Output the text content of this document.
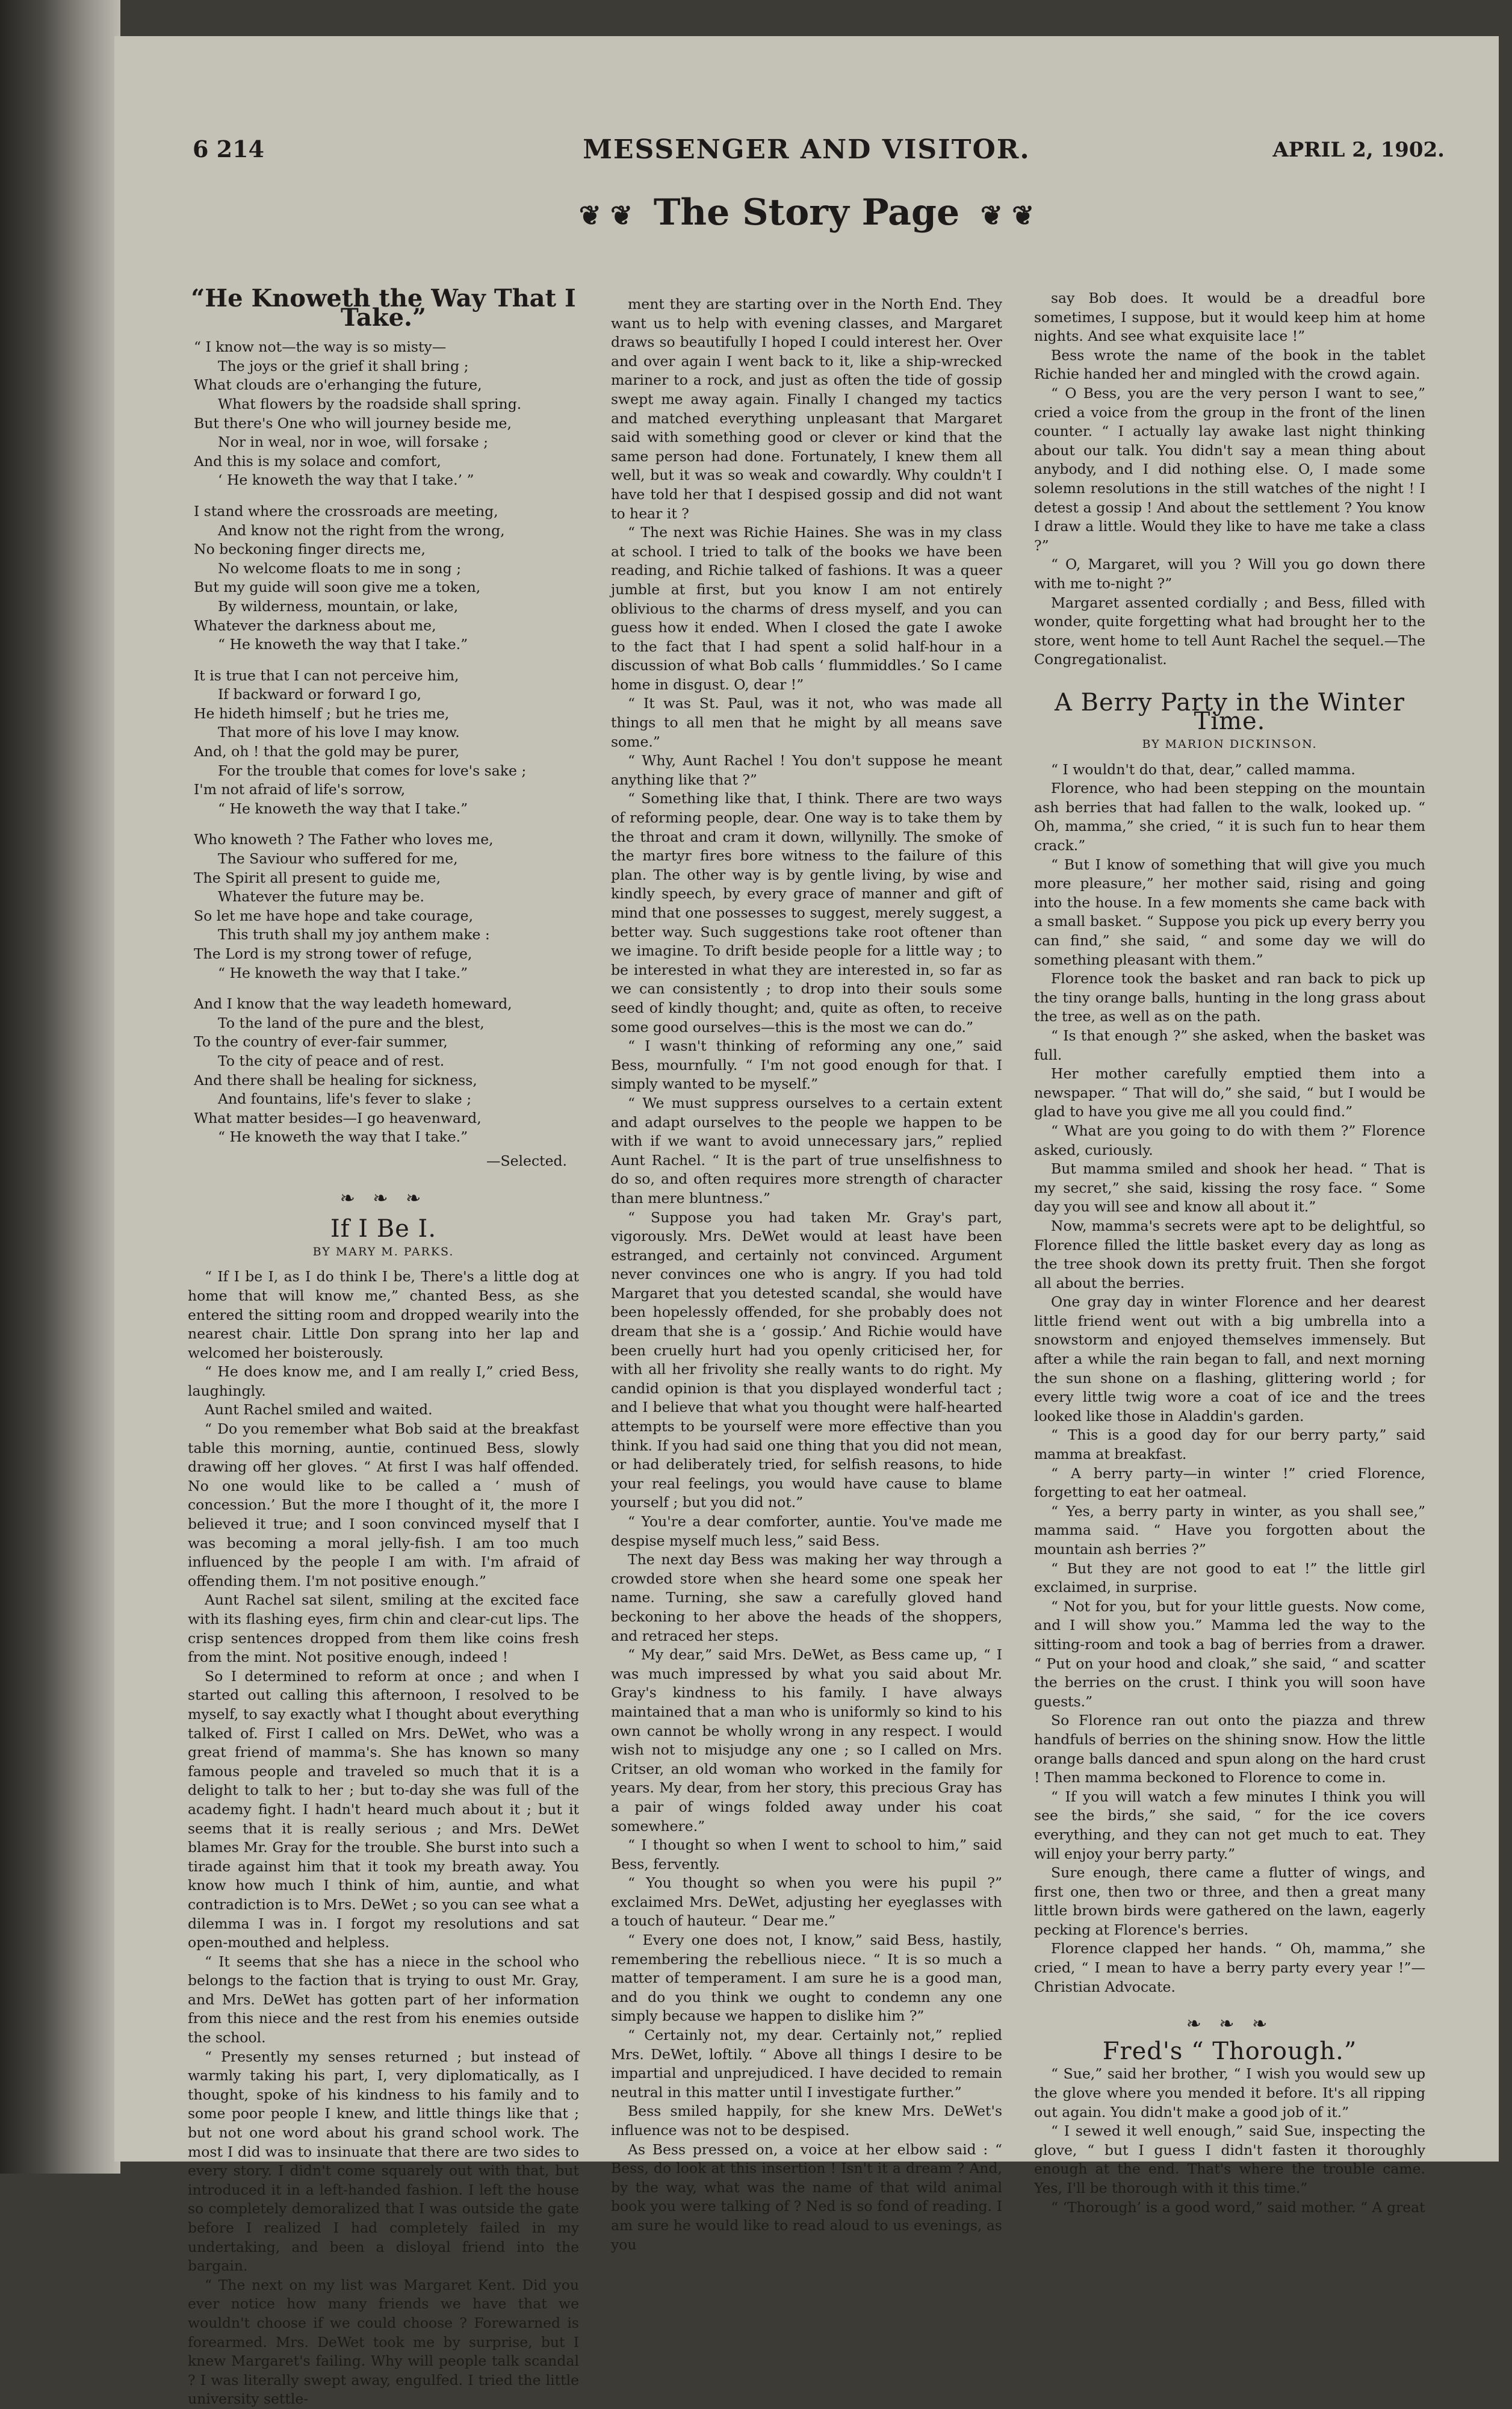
6 214	MESSENGER AND VISITOR.	APRIL 2, 1902.
❦ ❦ The Story Page ❦ ❦
“He Knoweth the Way That I Take.”
“ I know not—the way is so misty—
The joys or the grief it shall bring ;
What clouds are o'erhanging the future,
What flowers by the roadside shall spring.
But there's One who will journey beside me,
Nor in weal, nor in woe, will forsake ;
And this is my solace and comfort,
‘ He knoweth the way that I take.’ ”
I stand where the crossroads are meeting,
And know not the right from the wrong,
No beckoning finger directs me,
No welcome floats to me in song ;
But my guide will soon give me a token,
By wilderness, mountain, or lake,
Whatever the darkness about me,
“ He knoweth the way that I take.”
It is true that I can not perceive him,
If backward or forward I go,
He hideth himself ; but he tries me,
That more of his love I may know.
And, oh ! that the gold may be purer,
For the trouble that comes for love's sake ;
I'm not afraid of life's sorrow,
“ He knoweth the way that I take.”
Who knoweth ? The Father who loves me,
The Saviour who suffered for me,
The Spirit all present to guide me,
Whatever the future may be.
So let me have hope and take courage,
This truth shall my joy anthem make :
The Lord is my strong tower of refuge,
“ He knoweth the way that I take.”
And I know that the way leadeth homeward,
To the land of the pure and the blest,
To the country of ever-fair summer,
To the city of peace and of rest.
And there shall be healing for sickness,
And fountains, life's fever to slake ;
What matter besides—I go heavenward,
“ He knoweth the way that I take.”
—Selected.
❧ ❧ ❧
If I Be I.
BY MARY M. PARKS.

“ If I be I, as I do think I be, There's a little dog at home that will know me,” chanted Bess, as she entered the sitting room and dropped wearily into the nearest chair. Little Don sprang into her lap and welcomed her boisterously.

“ He does know me, and I am really I,” cried Bess, laughingly.

Aunt Rachel smiled and waited.

“ Do you remember what Bob said at the breakfast table this morning, auntie, continued Bess, slowly drawing off her gloves. “ At first I was half offended. No one would like to be called a ‘ mush of concession.’ But the more I thought of it, the more I believed it true; and I soon convinced myself that I was becoming a moral jelly-fish. I am too much influenced by the people I am with. I'm afraid of offending them. I'm not positive enough.”

Aunt Rachel sat silent, smiling at the excited face with its flashing eyes, firm chin and clear-cut lips. The crisp sentences dropped from them like coins fresh from the mint. Not positive enough, indeed !

So I determined to reform at once ; and when I started out calling this afternoon, I resolved to be myself, to say exactly what I thought about everything talked of. First I called on Mrs. DeWet, who was a great friend of mamma's. She has known so many famous people and traveled so much that it is a delight to talk to her ; but to-day she was full of the academy fight. I hadn't heard much about it ; but it seems that it is really serious ; and Mrs. DeWet blames Mr. Gray for the trouble. She burst into such a tirade against him that it took my breath away. You know how much I think of him, auntie, and what contradiction is to Mrs. DeWet ; so you can see what a dilemma I was in. I forgot my resolutions and sat open-mouthed and helpless.

“ It seems that she has a niece in the school who belongs to the faction that is trying to oust Mr. Gray, and Mrs. DeWet has gotten part of her information from this niece and the rest from his enemies outside the school.

“ Presently my senses returned ; but instead of warmly taking his part, I, very diplomatically, as I thought, spoke of his kindness to his family and to some poor people I knew, and little things like that ; but not one word about his grand school work. The most I did was to insinuate that there are two sides to every story. I didn't come squarely out with that, but introduced it in a left-handed fashion. I left the house so completely demoralized that I was outside the gate before I realized I had completely failed in my undertaking, and been a disloyal friend into the bargain.

“ The next on my list was Margaret Kent. Did you ever notice how many friends we have that we wouldn't choose if we could choose ? Forewarned is forearmed. Mrs. DeWet took me by surprise, but I knew Margaret's failing. Why will people talk scandal ? I was literally swept away, engulfed. I tried the little university settle-

ment they are starting over in the North End. They want us to help with evening classes, and Margaret draws so beautifully I hoped I could interest her. Over and over again I went back to it, like a ship-wrecked mariner to a rock, and just as often the tide of gossip swept me away again. Finally I changed my tactics and matched everything unpleasant that Margaret said with something good or clever or kind that the same person had done. Fortunately, I knew them all well, but it was so weak and cowardly. Why couldn't I have told her that I despised gossip and did not want to hear it ?

“ The next was Richie Haines. She was in my class at school. I tried to talk of the books we have been reading, and Richie talked of fashions. It was a queer jumble at first, but you know I am not entirely oblivious to the charms of dress myself, and you can guess how it ended. When I closed the gate I awoke to the fact that I had spent a solid half-hour in a discussion of what Bob calls ‘ flummiddles.’ So I came home in disgust. O, dear !”

“ It was St. Paul, was it not, who was made all things to all men that he might by all means save some.”

“ Why, Aunt Rachel ! You don't suppose he meant anything like that ?”

“ Something like that, I think. There are two ways of reforming people, dear. One way is to take them by the throat and cram it down, willynilly. The smoke of the martyr fires bore witness to the failure of this plan. The other way is by gentle living, by wise and kindly speech, by every grace of manner and gift of mind that one possesses to suggest, merely suggest, a better way. Such suggestions take root oftener than we imagine. To drift beside people for a little way ; to be interested in what they are interested in, so far as we can consistently ; to drop into their souls some seed of kindly thought; and, quite as often, to receive some good ourselves—this is the most we can do.”

“ I wasn't thinking of reforming any one,” said Bess, mournfully. “ I'm not good enough for that. I simply wanted to be myself.”

“ We must suppress ourselves to a certain extent and adapt ourselves to the people we happen to be with if we want to avoid unnecessary jars,” replied Aunt Rachel. “ It is the part of true unselfishness to do so, and often requires more strength of character than mere bluntness.”

“ Suppose you had taken Mr. Gray's part, vigorously. Mrs. DeWet would at least have been estranged, and certainly not convinced. Argument never convinces one who is angry. If you had told Margaret that you detested scandal, she would have been hopelessly offended, for she probably does not dream that she is a ‘ gossip.’ And Richie would have been cruelly hurt had you openly criticised her, for with all her frivolity she really wants to do right. My candid opinion is that you displayed wonderful tact ; and I believe that what you thought were half-hearted attempts to be yourself were more effective than you think. If you had said one thing that you did not mean, or had deliberately tried, for selfish reasons, to hide your real feelings, you would have cause to blame yourself ; but you did not.”

“ You're a dear comforter, auntie. You've made me despise myself much less,” said Bess.

The next day Bess was making her way through a crowded store when she heard some one speak her name. Turning, she saw a carefully gloved hand beckoning to her above the heads of the shoppers, and retraced her steps.

“ My dear,” said Mrs. DeWet, as Bess came up, “ I was much impressed by what you said about Mr. Gray's kindness to his family. I have always maintained that a man who is uniformly so kind to his own cannot be wholly wrong in any respect. I would wish not to misjudge any one ; so I called on Mrs. Critser, an old woman who worked in the family for years. My dear, from her story, this precious Gray has a pair of wings folded away under his coat somewhere.”

“ I thought so when I went to school to him,” said Bess, fervently.

“ You thought so when you were his pupil ?” exclaimed Mrs. DeWet, adjusting her eyeglasses with a touch of hauteur. “ Dear me.”

“ Every one does not, I know,” said Bess, hastily, remembering the rebellious niece. “ It is so much a matter of temperament. I am sure he is a good man, and do you think we ought to condemn any one simply because we happen to dislike him ?”

“ Certainly not, my dear. Certainly not,” replied Mrs. DeWet, loftily. “ Above all things I desire to be impartial and unprejudiced. I have decided to remain neutral in this matter until I investigate further.”

Bess smiled happily, for she knew Mrs. DeWet's influence was not to be despised.

As Bess pressed on, a voice at her elbow said : “ Bess, do look at this insertion ! Isn't it a dream ? And, by the way, what was the name of that wild animal book you were talking of ? Ned is so fond of reading. I am sure he would like to read aloud to us evenings, as you

say Bob does. It would be a dreadful bore sometimes, I suppose, but it would keep him at home nights. And see what exquisite lace !”

Bess wrote the name of the book in the tablet Richie handed her and mingled with the crowd again.

“ O Bess, you are the very person I want to see,” cried a voice from the group in the front of the linen counter. “ I actually lay awake last night thinking about our talk. You didn't say a mean thing about anybody, and I did nothing else. O, I made some solemn resolutions in the still watches of the night ! I detest a gossip ! And about the settlement ? You know I draw a little. Would they like to have me take a class ?”

“ O, Margaret, will you ? Will you go down there with me to-night ?”

Margaret assented cordially ; and Bess, filled with wonder, quite forgetting what had brought her to the store, went home to tell Aunt Rachel the sequel.—The Congregationalist.

A Berry Party in the Winter Time.
BY MARION DICKINSON.

“ I wouldn't do that, dear,” called mamma.

Florence, who had been stepping on the mountain ash berries that had fallen to the walk, looked up. “ Oh, mamma,” she cried, “ it is such fun to hear them crack.”

“ But I know of something that will give you much more pleasure,” her mother said, rising and going into the house. In a few moments she came back with a small basket. “ Suppose you pick up every berry you can find,” she said, “ and some day we will do something pleasant with them.”

Florence took the basket and ran back to pick up the tiny orange balls, hunting in the long grass about the tree, as well as on the path.

“ Is that enough ?” she asked, when the basket was full.

Her mother carefully emptied them into a newspaper. “ That will do,” she said, “ but I would be glad to have you give me all you could find.”

“ What are you going to do with them ?” Florence asked, curiously.

But mamma smiled and shook her head. “ That is my secret,” she said, kissing the rosy face. “ Some day you will see and know all about it.”

Now, mamma's secrets were apt to be delightful, so Florence filled the little basket every day as long as the tree shook down its pretty fruit. Then she forgot all about the berries.

One gray day in winter Florence and her dearest little friend went out with a big umbrella into a snowstorm and enjoyed themselves immensely. But after a while the rain began to fall, and next morning the sun shone on a flashing, glittering world ; for every little twig wore a coat of ice and the trees looked like those in Aladdin's garden.

“ This is a good day for our berry party,” said mamma at breakfast.

“ A berry party—in winter !” cried Florence, forgetting to eat her oatmeal.

“ Yes, a berry party in winter, as you shall see,” mamma said. “ Have you forgotten about the mountain ash berries ?”

“ But they are not good to eat !” the little girl exclaimed, in surprise.

“ Not for you, but for your little guests. Now come, and I will show you.” Mamma led the way to the sitting-room and took a bag of berries from a drawer. “ Put on your hood and cloak,” she said, “ and scatter the berries on the crust. I think you will soon have guests.”

So Florence ran out onto the piazza and threw handfuls of berries on the shining snow. How the little orange balls danced and spun along on the hard crust ! Then mamma beckoned to Florence to come in.

“ If you will watch a few minutes I think you will see the birds,” she said, “ for the ice covers everything, and they can not get much to eat. They will enjoy your berry party.”

Sure enough, there came a flutter of wings, and first one, then two or three, and then a great many little brown birds were gathered on the lawn, eagerly pecking at Florence's berries.

Florence clapped her hands. “ Oh, mamma,” she cried, “ I mean to have a berry party every year !”—Christian Advocate.

❧ ❧ ❧
Fred's “ Thorough.”

“ Sue,” said her brother, “ I wish you would sew up the glove where you mended it before. It's all ripping out again. You didn't make a good job of it.”

“ I sewed it well enough,” said Sue, inspecting the glove, “ but I guess I didn't fasten it thoroughly enough at the end. That's where the trouble came. Yes, I'll be thorough with it this time.”

“ ‘Thorough’ is a good word,” said mother. “ A great
